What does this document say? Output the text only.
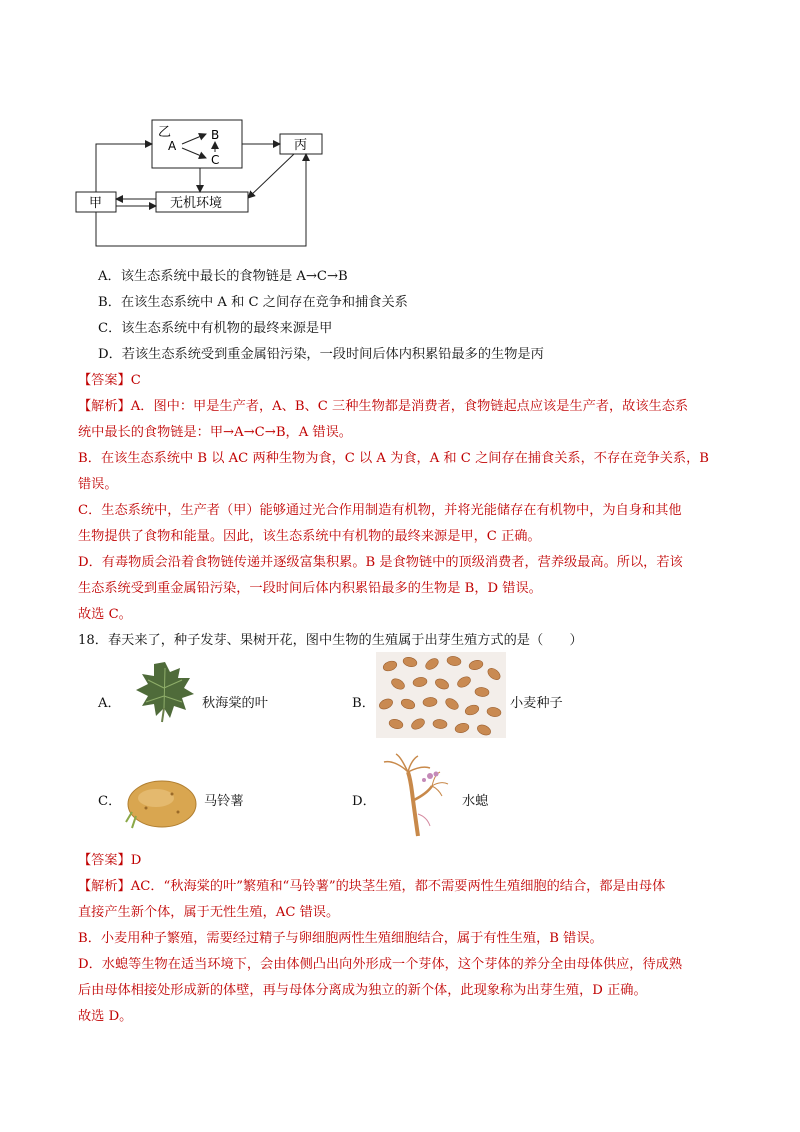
乙
A
B
C
丙
甲	无机环境
A．该生态系统中最长的食物链是 A→C→B
B．在该生态系统中 A 和 C 之间存在竞争和捕食关系
C．该生态系统中有机物的最终来源是甲
D．若该生态系统受到重金属铅污染，一段时间后体内积累铅最多的生物是丙
【答案】C
【解析】A．图中：甲是生产者，A、B、C 三种生物都是消费者，食物链起点应该是生产者，故该生态系
统中最长的食物链是：甲→A→C→B，A 错误。
B．在该生态系统中 B 以 AC 两种生物为食，C 以 A 为食，A 和 C 之间存在捕食关系，不存在竞争关系，B
错误。
C．生态系统中，生产者（甲）能够通过光合作用制造有机物，并将光能储存在有机物中，为自身和其他
生物提供了食物和能量。因此，该生态系统中有机物的最终来源是甲，C 正确。
D．有毒物质会沿着食物链传递并逐级富集积累。B 是食物链中的顶级消费者，营养级最高。所以，若该
生态系统受到重金属铅污染，一段时间后体内积累铅最多的生物是 B，D 错误。
故选 C。
18．春天来了，种子发芽、果树开花，图中生物的生殖属于出芽生殖方式的是（　　）
A．	秋海棠的叶	B．	小麦种子
C．	马铃薯	D．	水螅
【答案】D
【解析】AC．“秋海棠的叶”繁殖和“马铃薯”的块茎生殖，都不需要两性生殖细胞的结合，都是由母体
直接产生新个体，属于无性生殖，AC 错误。
B．小麦用种子繁殖，需要经过精子与卵细胞两性生殖细胞结合，属于有性生殖，B 错误。
D．水螅等生物在适当环境下，会由体侧凸出向外形成一个芽体，这个芽体的养分全由母体供应，待成熟
后由母体相接处形成新的体壁，再与母体分离成为独立的新个体，此现象称为出芽生殖，D 正确。
故选 D。
